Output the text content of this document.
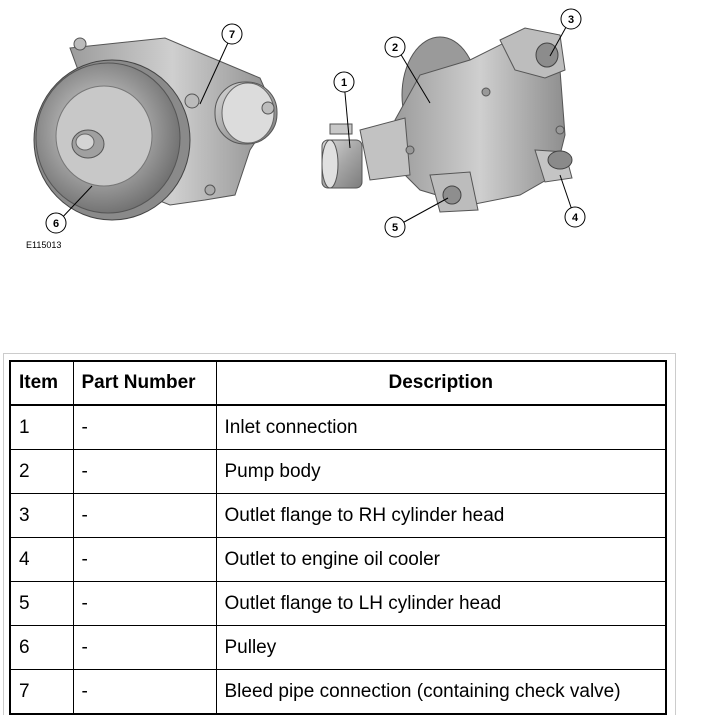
7
6
1
2
3
4
5
E115013
Item	Part Number	Description
1	-	Inlet connection
2	-	Pump body
3	-	Outlet flange to RH cylinder head
4	-	Outlet to engine oil cooler
5	-	Outlet flange to LH cylinder head
6	-	Pulley
7	-	Bleed pipe connection (containing check valve)
